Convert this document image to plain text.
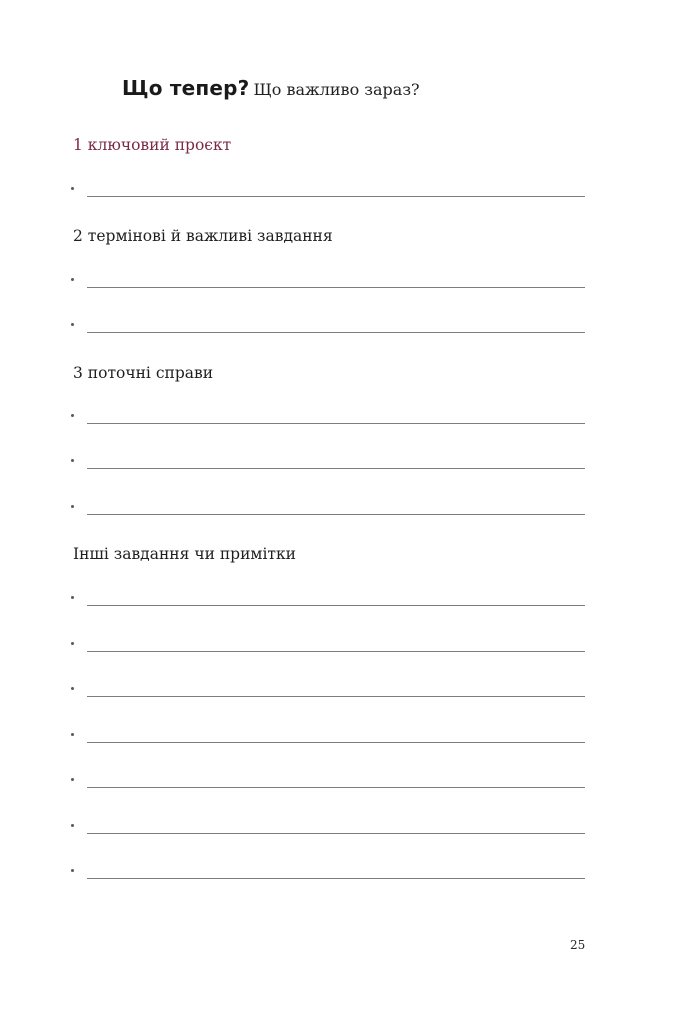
Що тепер? Що важливо зараз?
1 ключовий проєкт
2 термінові й важливі завдання
3 поточні справи
Інші завдання чи примітки
25
